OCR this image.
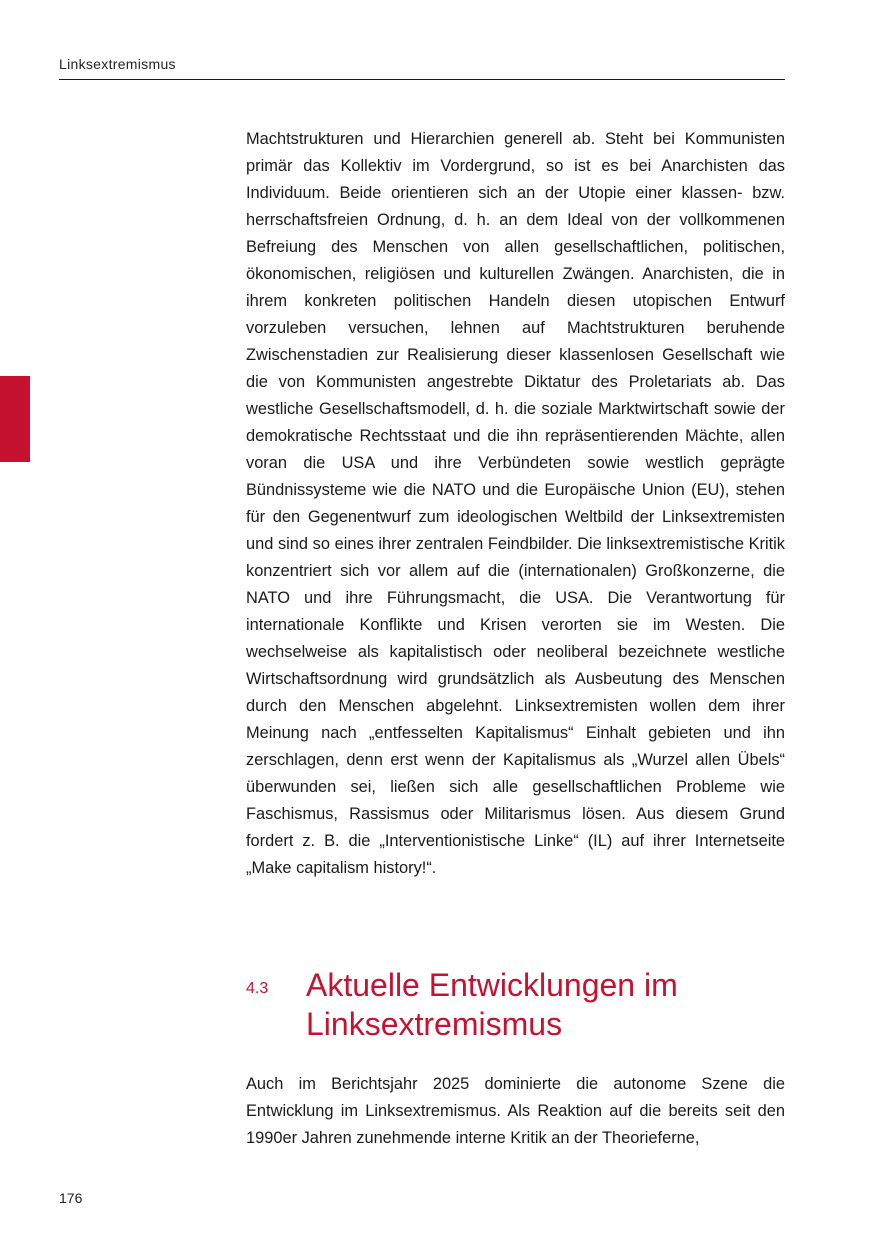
Linksextremismus

Machtstrukturen und Hierarchien generell ab. Steht bei Kommunisten primär das Kollektiv im Vordergrund, so ist es bei Anarchisten das Individuum. Beide orientieren sich an der Utopie einer klassen- bzw. herrschaftsfreien Ordnung, d. h. an dem Ideal von der vollkommenen Befreiung des Menschen von allen gesellschaftlichen, politischen, ökonomischen, religiösen und kulturellen Zwängen. Anarchisten, die in ihrem konkreten politischen Handeln diesen utopischen Entwurf vorzuleben versuchen, lehnen auf Machtstrukturen beruhende Zwischenstadien zur Realisierung dieser klassenlosen Gesellschaft wie die von Kommunisten angestrebte Diktatur des Proletariats ab. Das westliche Gesellschaftsmodell, d. h. die soziale Marktwirtschaft sowie der demokratische Rechtsstaat und die ihn repräsentierenden Mächte, allen voran die USA und ihre Verbündeten sowie westlich geprägte Bündnissysteme wie die NATO und die Europäische Union (EU), stehen für den Gegenentwurf zum ideologischen Weltbild der Linksextremisten und sind so eines ihrer zentralen Feindbilder. Die linksextremistische Kritik konzentriert sich vor allem auf die (internationalen) Großkonzerne, die NATO und ihre Führungsmacht, die USA. Die Verantwortung für internationale Konflikte und Krisen verorten sie im Westen. Die wechselweise als kapitalistisch oder neoliberal bezeichnete westliche Wirtschaftsordnung wird grundsätzlich als Ausbeutung des Menschen durch den Menschen abgelehnt. Linksextremisten wollen dem ihrer Meinung nach „entfesselten Kapitalismus“ Einhalt gebieten und ihn zerschlagen, denn erst wenn der Kapitalismus als „Wurzel allen Übels“ überwunden sei, ließen sich alle gesellschaftlichen Probleme wie Faschismus, Rassismus oder Militarismus lösen. Aus diesem Grund fordert z. B. die „Interventionistische Linke“ (IL) auf ihrer Internetseite „Make capitalism history!“.

4.3 Aktuelle Entwicklungen im Linksextremismus

Auch im Berichtsjahr 2025 dominierte die autonome Szene die Entwicklung im Linksextremismus. Als Reaktion auf die bereits seit den 1990er Jahren zunehmende interne Kritik an der Theorieferne,

176
